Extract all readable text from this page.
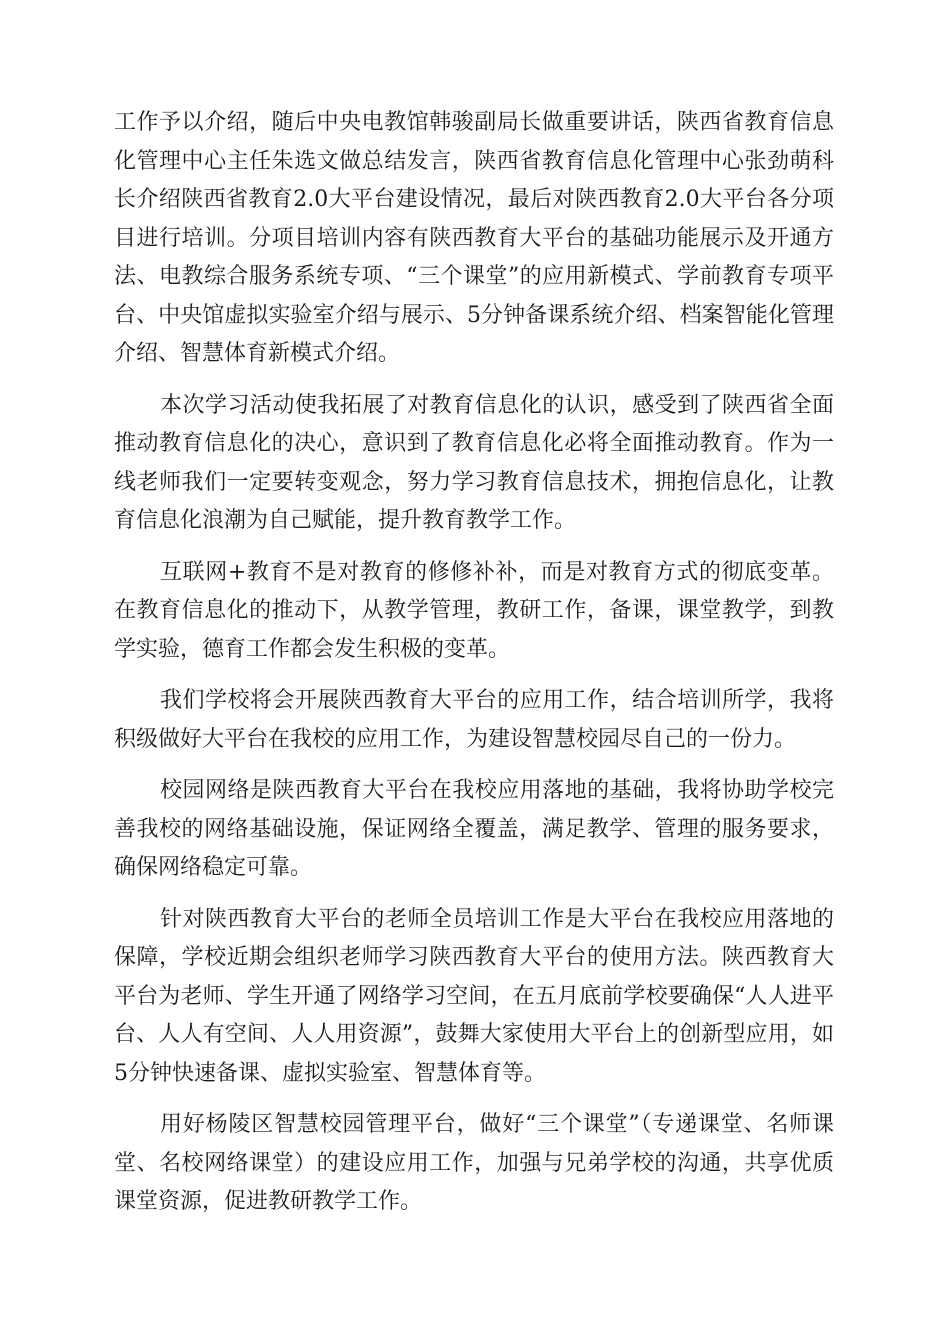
工作予以介绍，随后中央电教馆韩骏副局长做重要讲话，陕西省教育信息化管理中心主任朱选文做总结发言，陕西省教育信息化管理中心张劲萌科长介绍陕西省教育2.0大平台建设情况，最后对陕西教育2.0大平台各分项目进行培训。分项目培训内容有陕西教育大平台的基础功能展示及开通方法、电教综合服务系统专项、“三个课堂”的应用新模式、学前教育专项平台、中央馆虚拟实验室介绍与展示、5分钟备课系统介绍、档案智能化管理介绍、智慧体育新模式介绍。

本次学习活动使我拓展了对教育信息化的认识，感受到了陕西省全面推动教育信息化的决心，意识到了教育信息化必将全面推动教育。作为一线老师我们一定要转变观念，努力学习教育信息技术，拥抱信息化，让教育信息化浪潮为自己赋能，提升教育教学工作。

互联网+教育不是对教育的修修补补，而是对教育方式的彻底变革。在教育信息化的推动下，从教学管理，教研工作，备课，课堂教学，到教学实验，德育工作都会发生积极的变革。

我们学校将会开展陕西教育大平台的应用工作，结合培训所学，我将积级做好大平台在我校的应用工作，为建设智慧校园尽自己的一份力。

校园网络是陕西教育大平台在我校应用落地的基础，我将协助学校完善我校的网络基础设施，保证网络全覆盖，满足教学、管理的服务要求，确保网络稳定可靠。

针对陕西教育大平台的老师全员培训工作是大平台在我校应用落地的保障，学校近期会组织老师学习陕西教育大平台的使用方法。陕西教育大平台为老师、学生开通了网络学习空间，在五月底前学校要确保“人人进平台、人人有空间、人人用资源”，鼓舞大家使用大平台上的创新型应用，如5分钟快速备课、虚拟实验室、智慧体育等。

用好杨陵区智慧校园管理平台，做好“三个课堂”（专递课堂、名师课堂、名校网络课堂）的建设应用工作，加强与兄弟学校的沟通，共享优质课堂资源，促进教研教学工作。
